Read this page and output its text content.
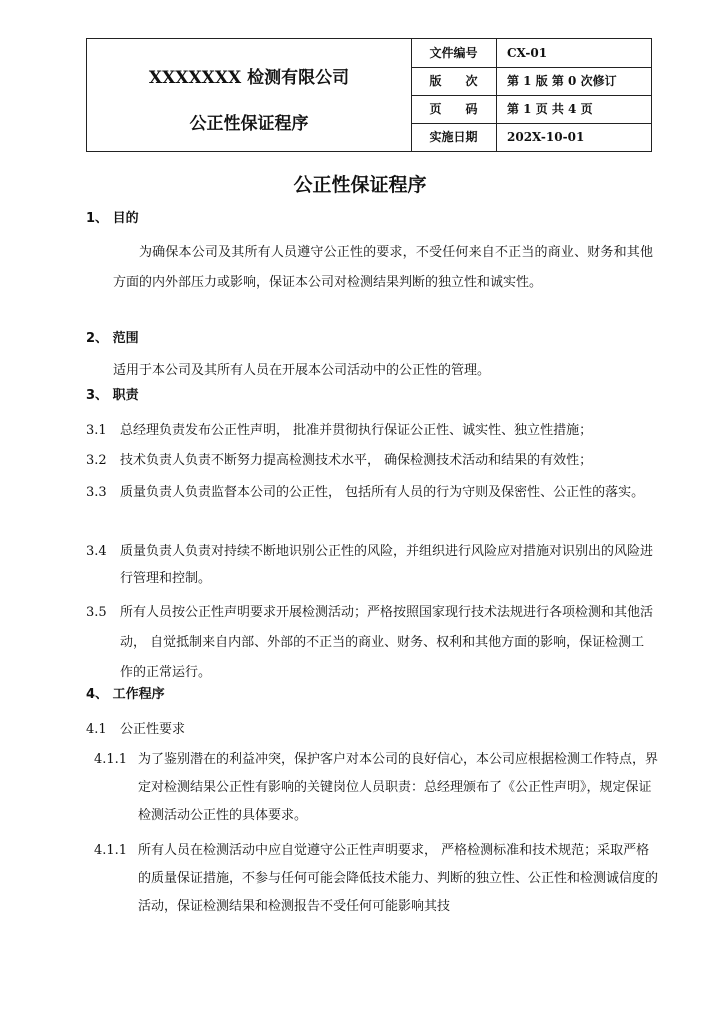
XXXXXXX 检测有限公司
公正性保证程序
文件编号	CX-01
版　　次	第 1 版 第 0 次修订
页　　码	第 1 页 共 4 页
实施日期	202X-10-01
公正性保证程序
1、 目的
为确保本公司及其所有人员遵守公正性的要求，不受任何来自不正当的商业、财务和其他方面的内外部压力或影响，保证本公司对检测结果判断的独立性和诚实性。
2、 范围
适用于本公司及其所有人员在开展本公司活动中的公正性的管理。
3、 职责
3.1 总经理负责发布公正性声明， 批准并贯彻执行保证公正性、诚实性、独立性措施；
3.2 技术负责人负责不断努力提高检测技术水平， 确保检测技术活动和结果的有效性；
3.3 质量负责人负责监督本公司的公正性， 包括所有人员的行为守则及保密性、公正性的落实。
3.4 质量负责人负责对持续不断地识别公正性的风险，并组织进行风险应对措施对识别出的风险进行管理和控制。
3.5 所有人员按公正性声明要求开展检测活动；严格按照国家现行技术法规进行各项检测和其他活动， 自觉抵制来自内部、外部的不正当的商业、财务、权利和其他方面的影响，保证检测工作的正常运行。
4、 工作程序
4.1 公正性要求
4.1.1 为了鉴别潜在的利益冲突，保护客户对本公司的良好信心，本公司应根据检测工作特点，界定对检测结果公正性有影响的关键岗位人员职责：总经理颁布了《公正性声明》，规定保证检测活动公正性的具体要求。
4.1.1 所有人员在检测活动中应自觉遵守公正性声明要求， 严格检测标准和技术规范；采取严格的质量保证措施，不参与任何可能会降低技术能力、判断的独立性、公正性和检测诚信度的活动，保证检测结果和检测报告不受任何可能影响其技
